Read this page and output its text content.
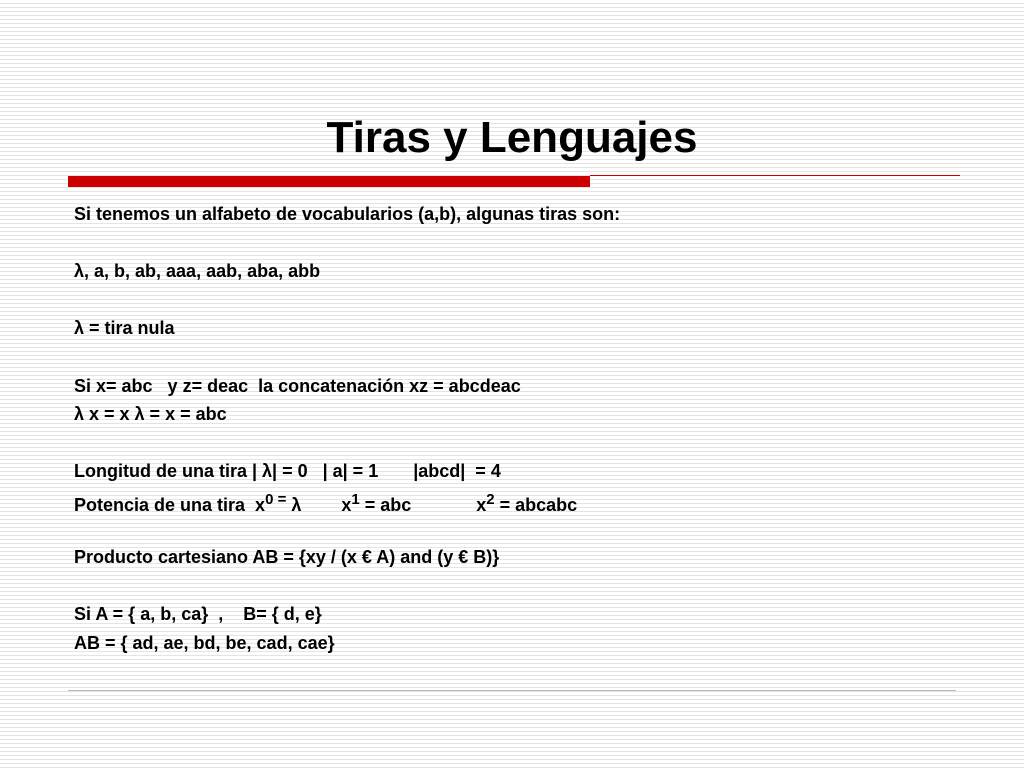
Tiras y Lenguajes
Si tenemos un alfabeto de vocabularios (a,b), algunas tiras son:
λ, a, b, ab, aaa, aab, aba, abb
λ = tira nula
Si x= abc   y z= deac  la concatenación xz = abcdeac
λ x = x λ = x = abc
Longitud de una tira | λ| = 0   | a| = 1       |abcd|  = 4
Potencia de una tira  $x^0$ = λ        $x^1$ = abc             $x^2$ = abcabc
Producto cartesiano AB = {xy / (x € A) and (y € B)}
Si A = { a, b, ca}  ,    B= { d, e}
AB = { ad, ae, bd, be, cad, cae}
